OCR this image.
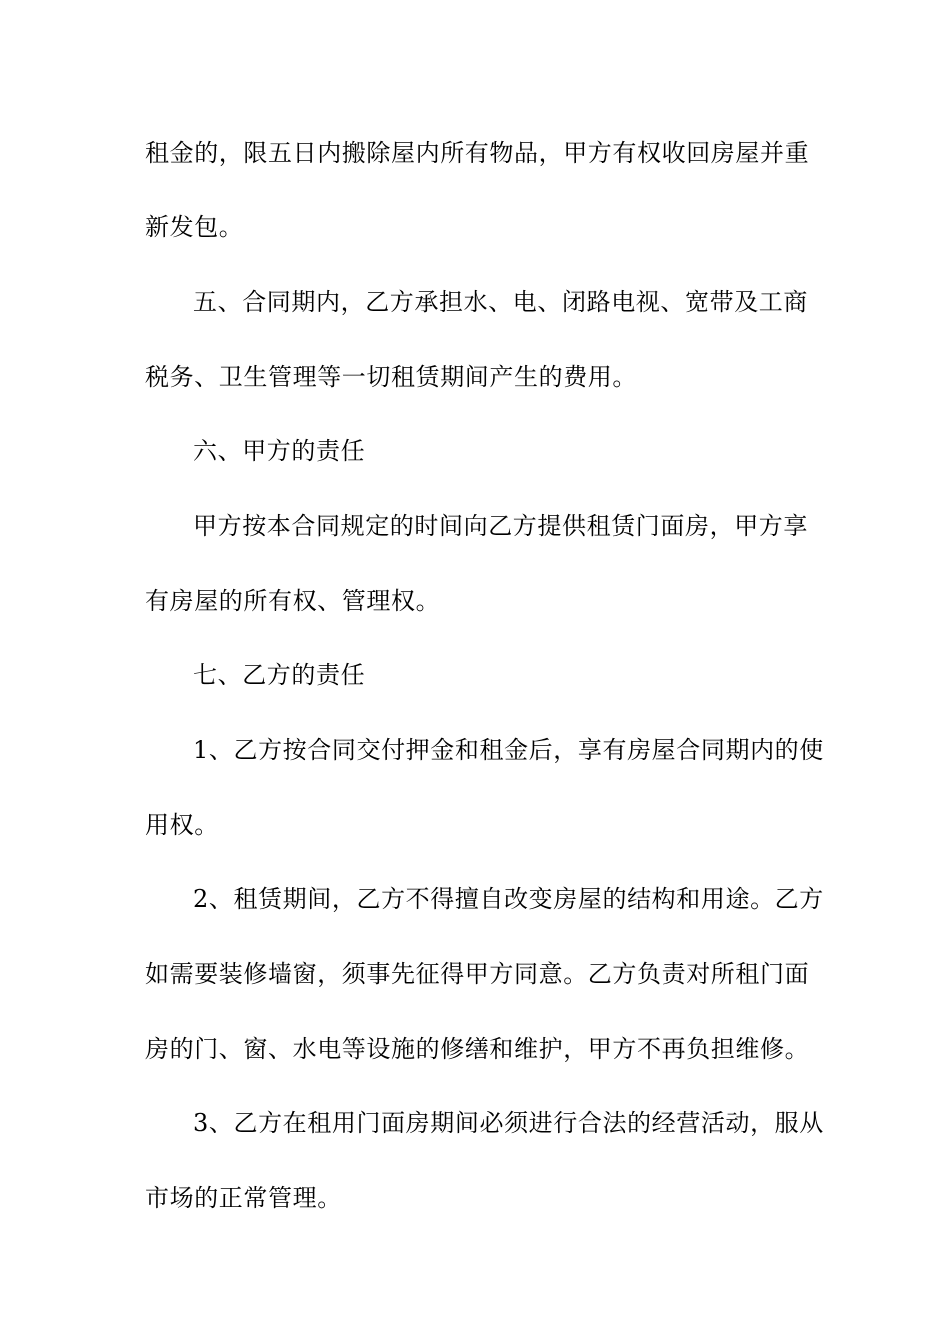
租金的，限五日内搬除屋内所有物品，甲方有权收回房屋并重
新发包。
五、合同期内，乙方承担水、电、闭路电视、宽带及工商
税务、卫生管理等一切租赁期间产生的费用。
六、甲方的责任
甲方按本合同规定的时间向乙方提供租赁门面房，甲方享
有房屋的所有权、管理权。
七、乙方的责任
1、乙方按合同交付押金和租金后，享有房屋合同期内的使
用权。
2、租赁期间，乙方不得擅自改变房屋的结构和用途。乙方
如需要装修墙窗，须事先征得甲方同意。乙方负责对所租门面
房的门、窗、水电等设施的修缮和维护，甲方不再负担维修。
3、乙方在租用门面房期间必须进行合法的经营活动，服从
市场的正常管理。
